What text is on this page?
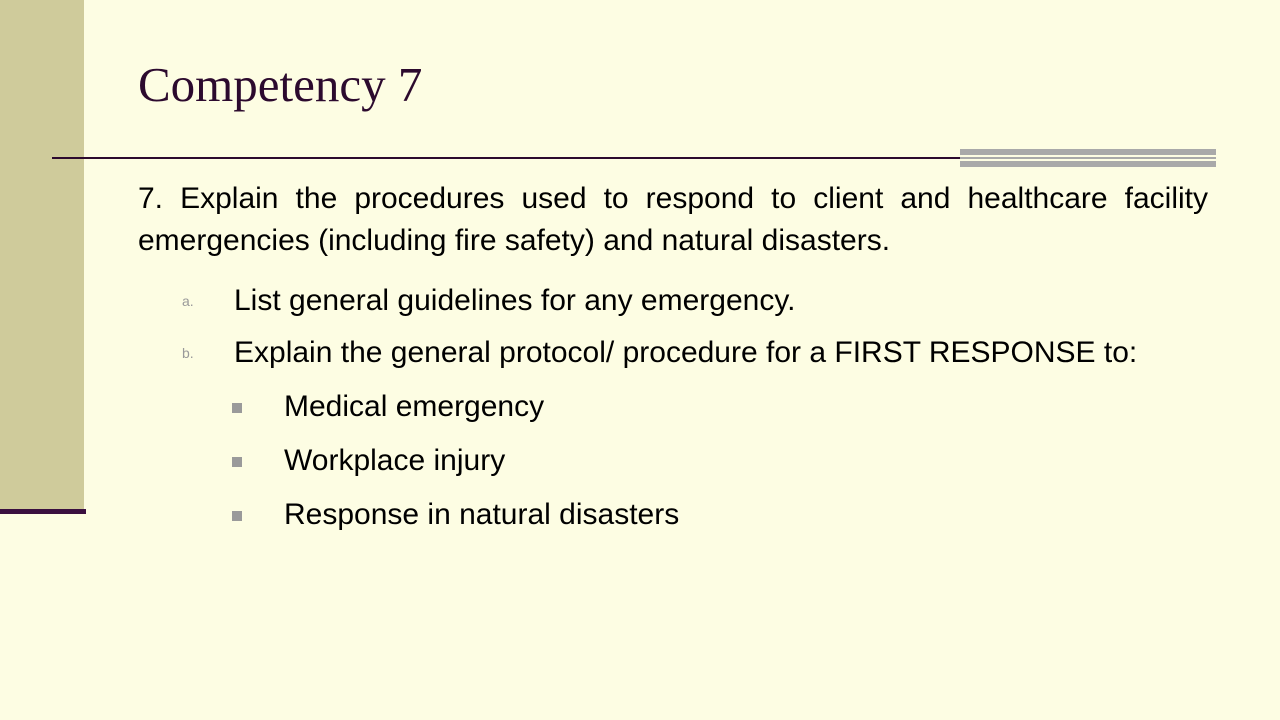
Competency 7

7. Explain the procedures used to respond to client and healthcare facility emergencies (including fire safety) and natural disasters.

a. List general guidelines for any emergency.
b. Explain the general protocol/ procedure for a FIRST RESPONSE to:
Medical emergency
Workplace injury
Response in natural disasters
